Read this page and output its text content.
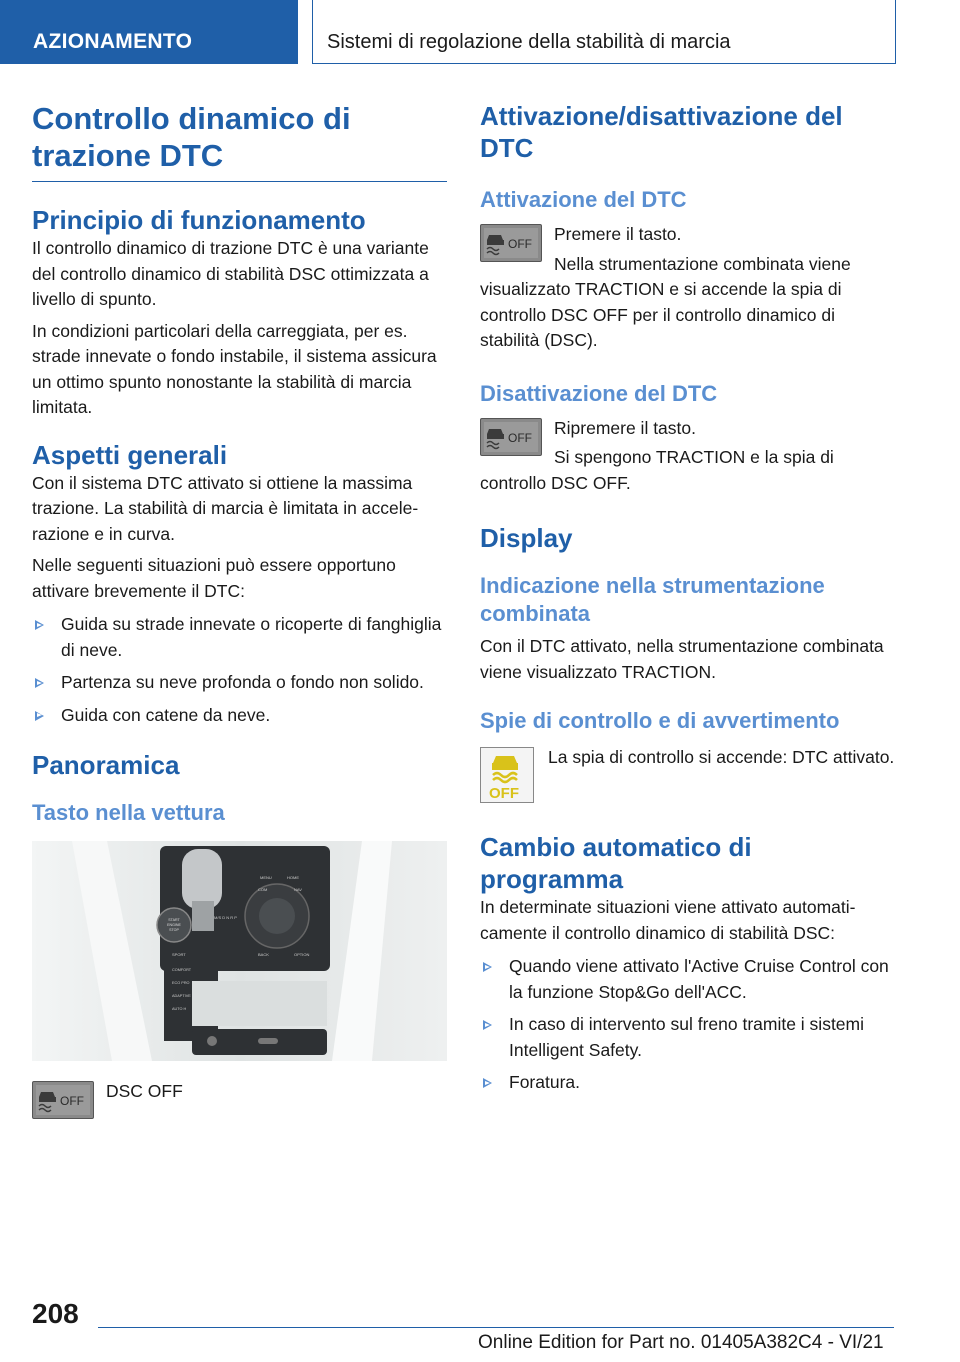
AZIONAMENTO	Sistemi di regolazione della stabilità di marcia
Controllo dinamico di trazione DTC
Principio di funzionamento

Il controllo dinamico di trazione DTC è una variante del controllo dinamico di stabilità DSC ottimizzata a livello di spunto.

In condizioni particolari della carreggiata, per es. strade innevate o fondo instabile, il sistema assicura un ottimo spunto nonostante la stabilità di marcia limitata.

Aspetti generali

Con il sistema DTC attivato si ottiene la massima trazione. La stabilità di marcia è limitata in accelerazione e in curva.

Nelle seguenti situazioni può essere opportuno attivare brevemente il DTC:

Guida su strade innevate o ricoperte di fanghiglia di neve.
Partenza su neve profonda o fondo non solido.
Guida con catene da neve.
Panoramica
Tasto nella vettura
START
ENGINE
STOP
MENU	HOME
COM	NAV
BACK	OPTION
SPORT
M/S D N R P
COMFORT
ECO PRO
ADAPTIVE
AUTO H
OFF DSC OFF

Attivazione/disattivazione del DTC
Attivazione del DTC
OFF Premere il tasto.

Nella strumentazione combinata viene visualizzato TRACTION e si accende la spia di controllo DSC OFF per il controllo dinamico di stabilità (DSC).

Disattivazione del DTC
OFF Ripremere il tasto.

Si spengono TRACTION e la spia di controllo DSC OFF.

Display
Indicazione nella strumentazione combinata

Con il DTC attivato, nella strumentazione combinata viene visualizzato TRACTION.

Spie di controllo e di avvertimento
OFF

La spia di controllo si accende: DTC attivato.

Cambio automatico di programma

In determinate situazioni viene attivato automaticamente il controllo dinamico di stabilità DSC:

Quando viene attivato l'Active Cruise Control con la funzione Stop&Go dell'ACC.
In caso di intervento sul freno tramite i sistemi Intelligent Safety.
Foratura.
208
Online Edition for Part no. 01405A382C4 - VI/21
